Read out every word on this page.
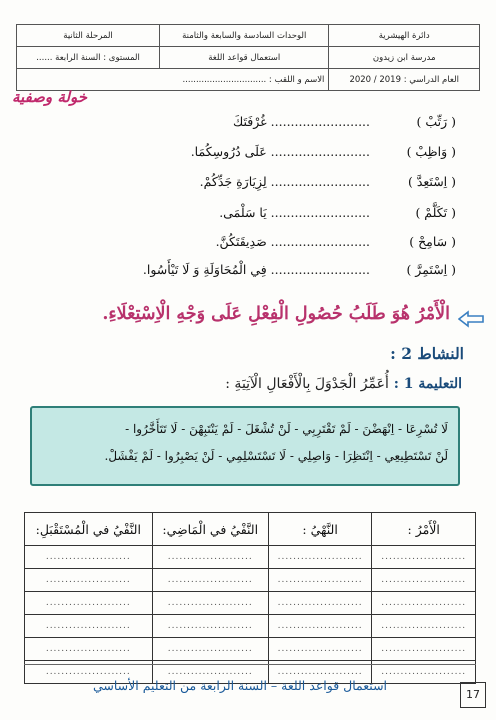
دائرة الهيشرية	الوحدات السادسة والسابعة والثامنة	المرحلة الثانية
مدرسة ابن زيدون	استعمال قواعد اللغة	المستوى : السنة الرابعة ......
العام الدراسي : 2019 / 2020	الاسم و اللقب : ...............................	
خولة وصفية
( رَتِّبْ ) ......................... غُرْفَتَكَ
( وَاظِبْ ) ......................... عَلَى دُرُوسِكُمَا.
( اِسْتَعِدَّ ) ......................... لِزِيَارَةِ جَدِّكُمْ.
( تَكَلَّمْ ) ......................... يَا سَلْمَى.
( سَامِحْ ) ......................... صَدِيقَتَكُنَّ.
( اِسْتَمِرَّ ) ......................... فِي الْمُحَاوَلَةِ وَ لَا تَيْأَسُوا.
الْأَمْرُ هُوَ طَلَبُ حُصُولِ الْفِعْلِ عَلَى وَجْهِ الْاِسْتِعْلَاءِ.
النشاط 2 :
التعليمة 1 : أُعَمِّرُ الْجَدْوَلَ بِالْأَفْعَالِ الْآتِيَةِ :
لَا تُسْرِعَا - اِنْهَضْنَ - لَمْ تَقْتَرِبِي - لَنْ تُشْغَلَ - لَمْ يَنْتَبِهْنَ - لَا تَتَأَخَّرُوا -
لَنْ تَسْتَطِيعِي - اِنْتَظِرَا - وَاصِلِي - لَا تَسْتَسْلِمِي - لَنْ يَصْبِرُوا - لَمْ يَفْشَلْ.
الْأَمْرُ :	النَّهْيُ :	النَّفْيُ في الْمَاضِي:	النَّفْيُ في الْمُسْتَقْبَلِ:
......................	......................	......................	......................
......................	......................	......................	......................
......................	......................	......................	......................
......................	......................	......................	......................
......................	......................	......................	......................
......................	......................	......................	......................
استعمال قواعد اللغة – السنة الرابعة من التعليم الأساسي
17
